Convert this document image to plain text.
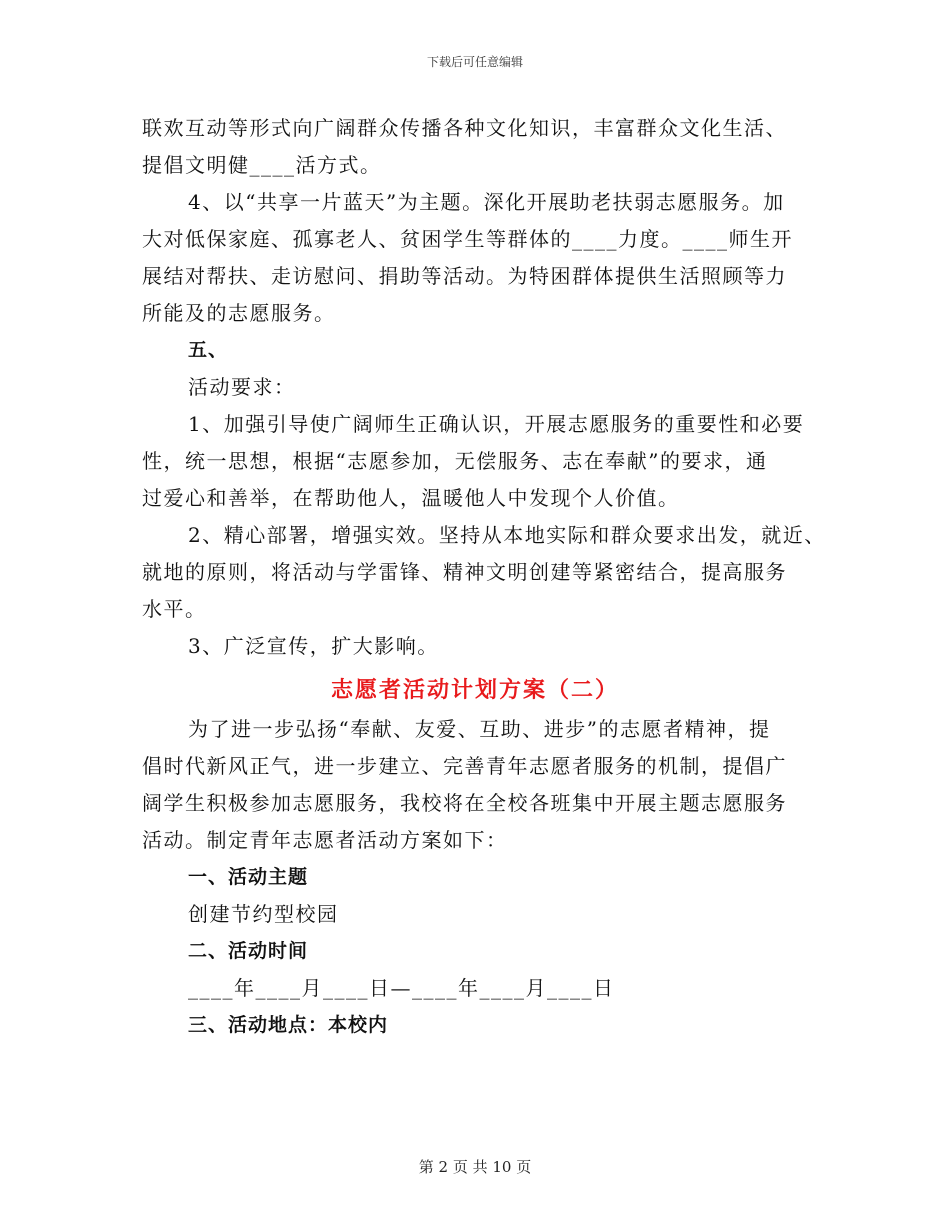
下载后可任意编辑
联欢互动等形式向广阔群众传播各种文化知识，丰富群众文化生活、
提倡文明健____活方式。
4、以“共享一片蓝天”为主题。深化开展助老扶弱志愿服务。加
大对低保家庭、孤寡老人、贫困学生等群体的____力度。____师生开
展结对帮扶、走访慰问、捐助等活动。为特困群体提供生活照顾等力
所能及的志愿服务。
五、
活动要求：
1、加强引导使广阔师生正确认识，开展志愿服务的重要性和必要
性，统一思想，根据“志愿参加，无偿服务、志在奉献”的要求，通
过爱心和善举，在帮助他人，温暖他人中发现个人价值。
2、精心部署，增强实效。坚持从本地实际和群众要求出发，就近、
就地的原则，将活动与学雷锋、精神文明创建等紧密结合，提高服务
水平。
3、广泛宣传，扩大影响。
志愿者活动计划方案（二）
为了进一步弘扬“奉献、友爱、互助、进步”的志愿者精神，提
倡时代新风正气，进一步建立、完善青年志愿者服务的机制，提倡广
阔学生积极参加志愿服务，我校将在全校各班集中开展主题志愿服务
活动。制定青年志愿者活动方案如下：
一、活动主题
创建节约型校园
二、活动时间
____年____月____日—____年____月____日
三、活动地点：本校内
第 2 页 共 10 页
